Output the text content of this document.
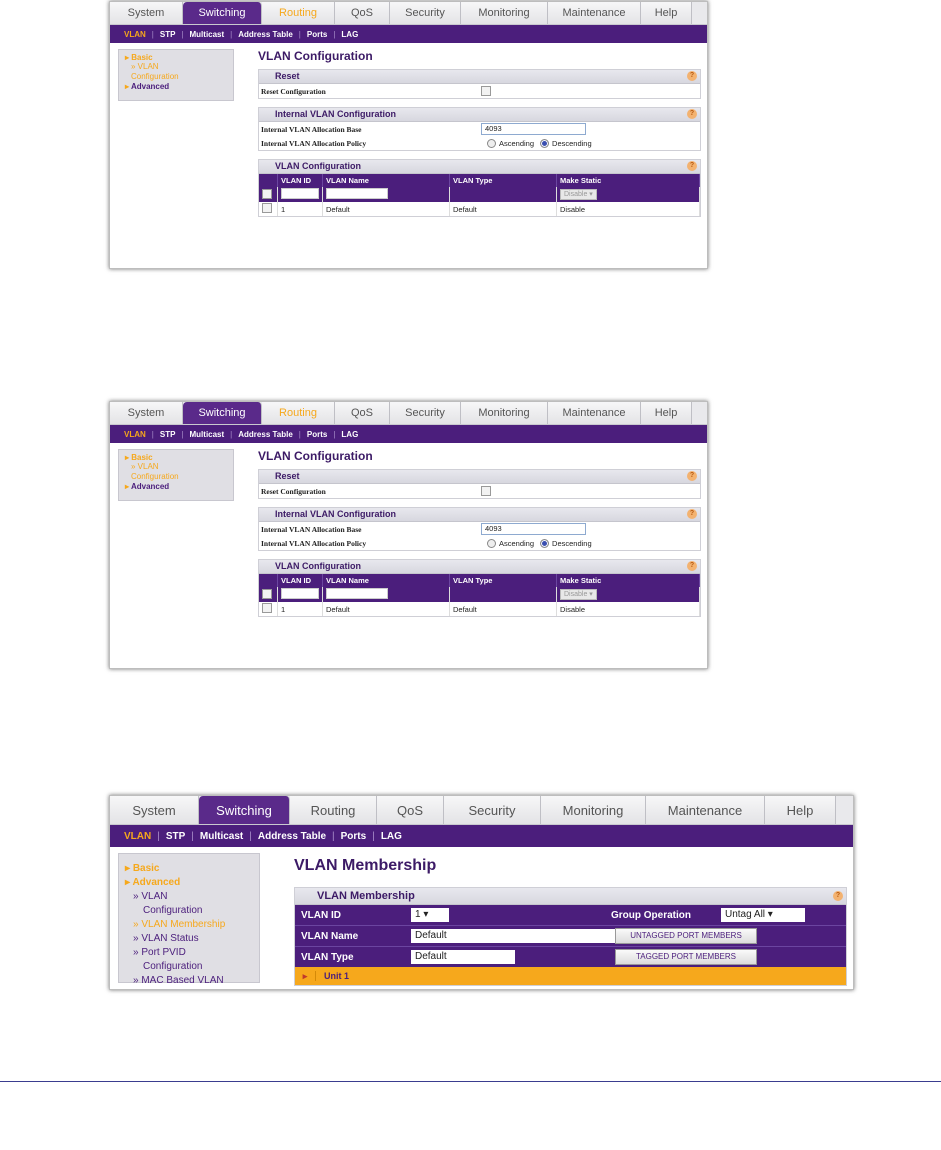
System	Switching	Routing	QoS	Security	Monitoring	Maintenance	Help
VLAN | STP | Multicast | Address Table | Ports | LAG
▸ Basic
» VLAN
Configuration
▸ Advanced
VLAN Configuration
Reset	?
Reset Configuration
Internal VLAN Configuration	?
Internal VLAN Allocation Base	4093
Internal VLAN Allocation Policy	Ascending Descending
VLAN Configuration	?
	VLAN ID	VLAN Name	VLAN Type	Make Static
				Disable ▾
	1	Default	Default	Disable
System	Switching	Routing	QoS	Security	Monitoring	Maintenance	Help
VLAN | STP | Multicast | Address Table | Ports | LAG
▸ Basic
» VLAN
Configuration
▸ Advanced
VLAN Configuration
Reset	?
Reset Configuration
Internal VLAN Configuration	?
Internal VLAN Allocation Base	4093
Internal VLAN Allocation Policy	Ascending Descending
VLAN Configuration	?
	VLAN ID	VLAN Name	VLAN Type	Make Static
				Disable ▾
	1	Default	Default	Disable
System	Switching	Routing	QoS	Security	Monitoring	Maintenance	Help
VLAN | STP | Multicast | Address Table | Ports | LAG
▸ Basic
▸ Advanced
» VLAN
Configuration
» VLAN Membership
» VLAN Status
» Port PVID
Configuration
» MAC Based VLAN
VLAN Membership
VLAN Membership	?
VLAN ID	1 ▾	Group Operation	Untag All ▾
VLAN Name	Default	UNTAGGED PORT MEMBERS
VLAN Type	Default	TAGGED PORT MEMBERS
▸	Unit 1
